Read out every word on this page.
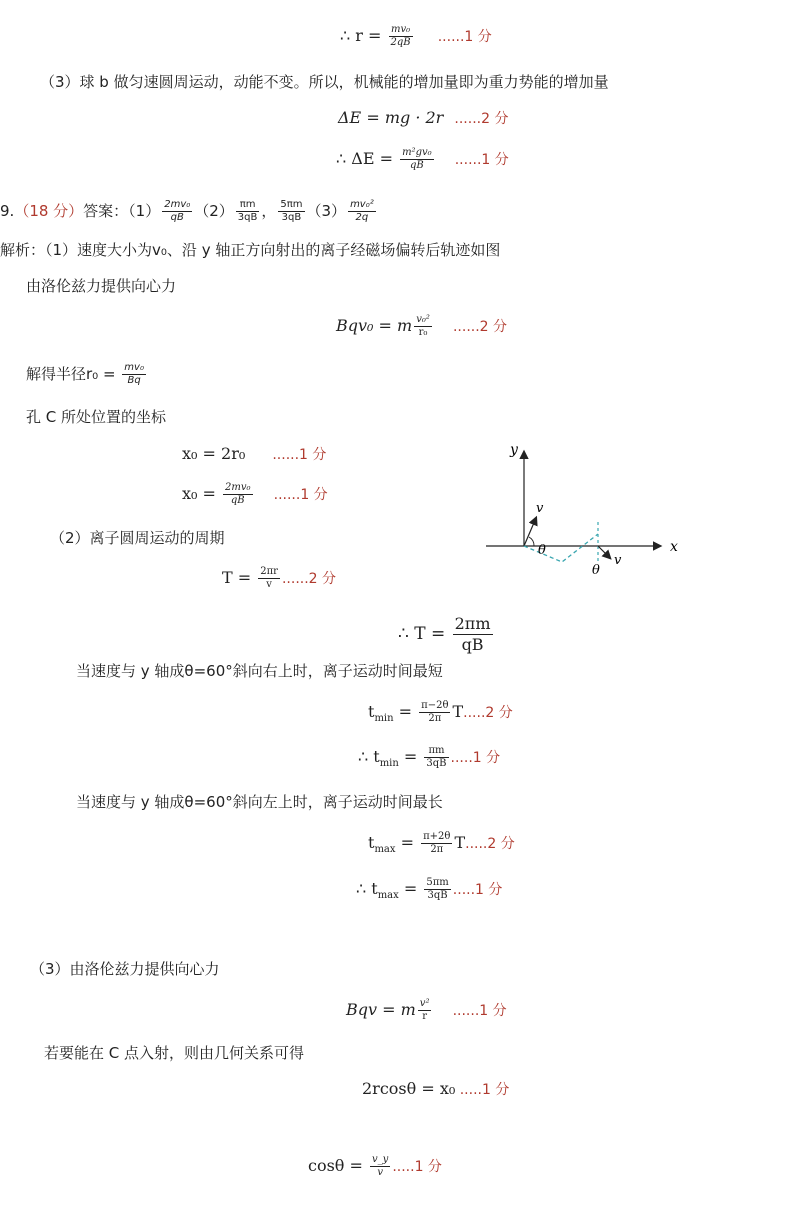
∴ $r = \frac{\text{mv₀}}{2qB} ......1$ 分
（3）球 b 做匀速圆周运动，动能不变。所以，机械能的增加量即为重力势能的增加量
ΔE = mg · 2r ......2 分
∴ $\Delta E = \frac{\text{m²gv₀}}{qB} ......1$ 分
9.（18 分）答案：$(1) \frac{\text{2mv₀}}{qB} (2) \frac{\pi m}{3qB}$ ， $\frac{5\pi m}{3qB} (3) \frac{\text{mv₀²}}{2q}$
解析：（1）速度大小为v₀、沿 y 轴正方向射出的离子经磁场偏转后轨迹如图
由洛伦兹力提供向心力
Bqv₀ = m $\frac{\text{v₀²}}{\text{r₀}} ......2$ 分
解得半径$r_0 = \frac{\text{mv₀}}{Bq}$
孔 C 所处位置的坐标
x₀ = 2r₀ ......1 分
$x_0 = \frac{\text{2mv₀}}{qB} ......1$ 分
（2）离子圆周运动的周期
$T = \frac{2\pi r}{v} ......2$ 分
∴ $T = \frac{2\pi m}{qB}$
当速度与 y 轴成θ=60°斜向右上时，离子运动时间最短
$t_{min} = \frac{\pi-2\theta}{2\pi} T.....2$ 分
∴ $t_{min} = \frac{\pi m}{3qB} .....1$ 分
当速度与 y 轴成θ=60°斜向左上时，离子运动时间最长
$t_{max} = \frac{\pi+2\theta}{2\pi} T.....2$ 分
∴ $t_{max} = \frac{5\pi m}{3qB} .....1$ 分
（3）由洛伦兹力提供向心力
Bqv = m $\frac{\text{v²}}{r} ......1$ 分
若要能在 C 点入射，则由几何关系可得
2rcosθ = x₀ .....1 分
$\cos\theta = \frac{v\_y}{v} .....1$ 分
y
x
v
v
θ
θ
